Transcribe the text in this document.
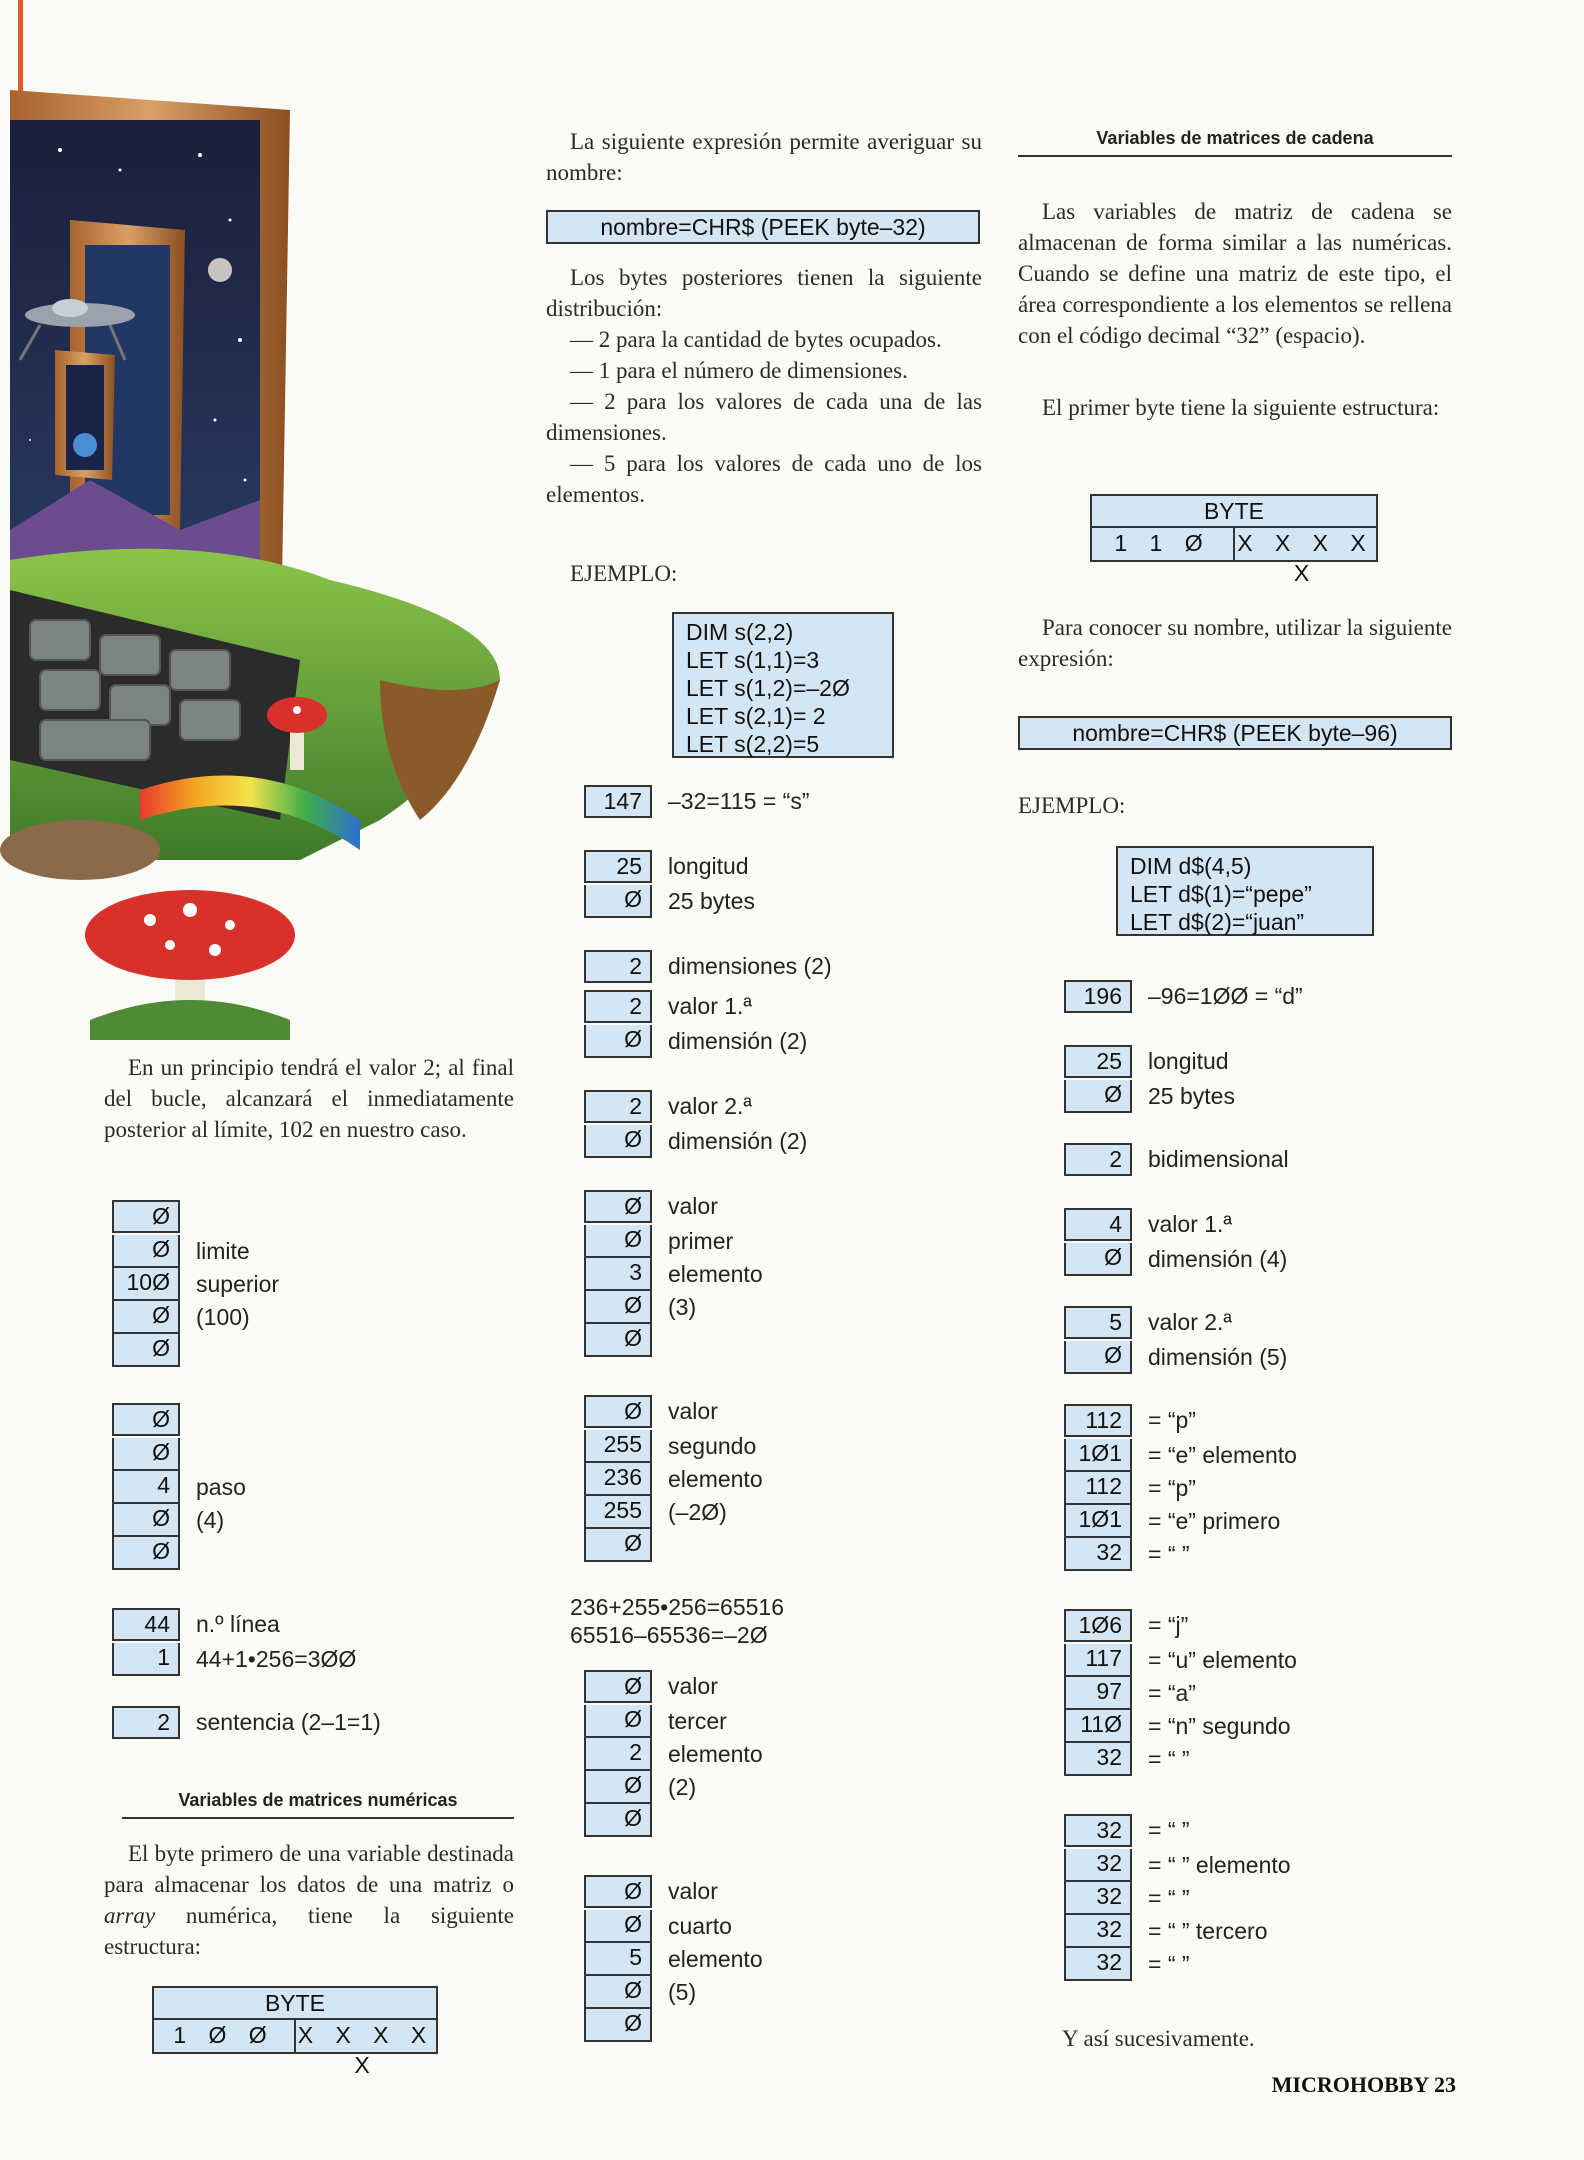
En un principio tendrá el valor 2; al final del bucle, alcanzará el inmediatamente posterior al límite, 102 en nuestro caso.

Ø
Ø	limite
10Ø	superior
Ø	(100)
Ø
Ø
Ø
4	paso
Ø	(4)
Ø
44	n.º línea
1	44+1•256=3ØØ
2	sentencia (2–1=1)
Variables de matrices numéricas

El byte primero de una variable destinada para almacenar los datos de una matriz o array numérica, tiene la siguiente estructura:

BYTE
1 Ø Ø	X X X X X

La siguiente expresión permite averiguar su nombre:

nombre=CHR$ (PEEK byte–32)

Los bytes posteriores tienen la siguiente distribución:

— 2 para la cantidad de bytes ocupados.

— 1 para el número de dimensiones.

— 2 para los valores de cada una de las dimensiones.

— 5 para los valores de cada uno de los elementos.

EJEMPLO:
DIM s(2,2)
LET s(1,1)=3
LET s(1,2)=–2Ø
LET s(2,1)= 2
LET s(2,2)=5
147	–32=115 = “s”
25	longitud
Ø	25 bytes
2	dimensiones (2)
2	valor 1.ª
Ø	dimensión (2)
2	valor 2.ª
Ø	dimensión (2)
Ø	valor
Ø	primer
3	elemento
Ø	(3)
Ø
Ø	valor
255	segundo
236	elemento
255	(–2Ø)
Ø
236+255•256=65516
65516–65536=–2Ø
Ø	valor
Ø	tercer
2	elemento
Ø	(2)
Ø
Ø	valor
Ø	cuarto
5	elemento
Ø	(5)
Ø
Variables de matrices de cadena

Las variables de matriz de cadena se almacenan de forma similar a las numéricas. Cuando se define una matriz de este tipo, el área correspondiente a los elementos se rellena con el código decimal “32” (espacio).

El primer byte tiene la siguiente estructura:

BYTE
1 1 Ø	X X X X X

Para conocer su nombre, utilizar la siguiente expresión:

nombre=CHR$ (PEEK byte–96)
EJEMPLO:
DIM d$(4,5)
LET d$(1)=“pepe”
LET d$(2)=“juan”
196	–96=1ØØ = “d”
25	longitud
Ø	25 bytes
2	bidimensional
4	valor 1.ª
Ø	dimensión (4)
5	valor 2.ª
Ø	dimensión (5)
112	= “p”
1Ø1	= “e” elemento
112	= “p”
1Ø1	= “e” primero
32	= “ ”
1Ø6	= “j”
117	= “u” elemento
97	= “a”
11Ø	= “n” segundo
32	= “ ”
32	= “ ”
32	= “ ” elemento
32	= “ ”
32	= “ ” tercero
32	= “ ”
Y así sucesivamente.
MICROHOBBY 23
